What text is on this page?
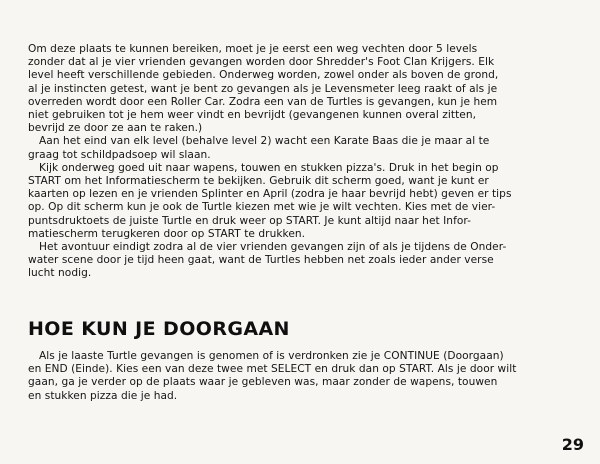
Om deze plaats te kunnen bereiken, moet je je eerst een weg vechten door 5 levels
zonder dat al je vier vrienden gevangen worden door Shredder's Foot Clan Krijgers. Elk
level heeft verschillende gebieden. Onderweg worden, zowel onder als boven de grond,
al je instincten getest, want je bent zo gevangen als je Levensmeter leeg raakt of als je
overreden wordt door een Roller Car. Zodra een van de Turtles is gevangen, kun je hem
niet gebruiken tot je hem weer vindt en bevrijdt (gevangenen kunnen overal zitten,
bevrijd ze door ze aan te raken.)
Aan het eind van elk level (behalve level 2) wacht een Karate Baas die je maar al te
graag tot schildpadsoep wil slaan.
Kijk onderweg goed uit naar wapens, touwen en stukken pizza's. Druk in het begin op
START om het Informatiescherm te bekijken. Gebruik dit scherm goed, want je kunt er
kaarten op lezen en je vrienden Splinter en April (zodra je haar bevrijd hebt) geven er tips
op. Op dit scherm kun je ook de Turtle kiezen met wie je wilt vechten. Kies met de vier-
puntsdruktoets de juiste Turtle en druk weer op START. Je kunt altijd naar het Infor-
matiescherm terugkeren door op START te drukken.
Het avontuur eindigt zodra al de vier vrienden gevangen zijn of als je tijdens de Onder-
water scene door je tijd heen gaat, want de Turtles hebben net zoals ieder ander verse
lucht nodig.
HOE KUN JE DOORGAAN
Als je laaste Turtle gevangen is genomen of is verdronken zie je CONTINUE (Doorgaan)
en END (Einde). Kies een van deze twee met SELECT en druk dan op START. Als je door wilt
gaan, ga je verder op de plaats waar je gebleven was, maar zonder de wapens, touwen
en stukken pizza die je had.
29
